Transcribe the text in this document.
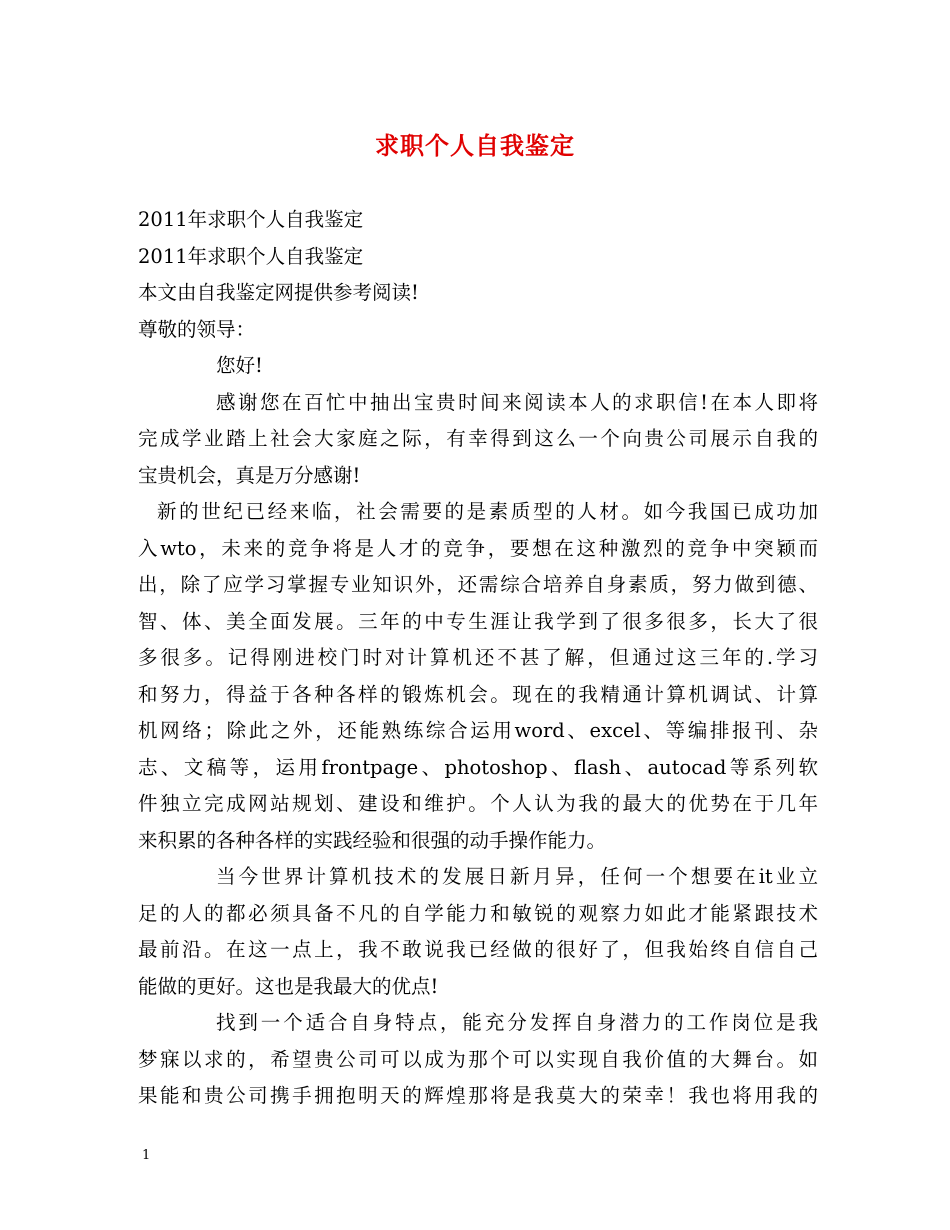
求职个人自我鉴定
2011年求职个人自我鉴定
2011年求职个人自我鉴定
本文由自我鉴定网提供参考阅读!
尊敬的领导：
您好!
感谢您在百忙中抽出宝贵时间来阅读本人的求职信!在本人即将
完成学业踏上社会大家庭之际，有幸得到这么一个向贵公司展示自我的
宝贵机会，真是万分感谢!
新的世纪已经来临，社会需要的是素质型的人材。如今我国已成功加
入wto，未来的竞争将是人才的竞争，要想在这种激烈的竞争中突颖而
出，除了应学习掌握专业知识外，还需综合培养自身素质，努力做到德、
智、体、美全面发展。三年的中专生涯让我学到了很多很多，长大了很
多很多。记得刚进校门时对计算机还不甚了解，但通过这三年的.学习
和努力，得益于各种各样的锻炼机会。现在的我精通计算机调试、计算
机网络；除此之外，还能熟练综合运用word、excel、等编排报刊、杂
志、文稿等，运用frontpage、photoshop、flash、autocad等系列软
件独立完成网站规划、建设和维护。个人认为我的最大的优势在于几年
来积累的各种各样的实践经验和很强的动手操作能力。
当今世界计算机技术的发展日新月异，任何一个想要在it业立
足的人的都必须具备不凡的自学能力和敏锐的观察力如此才能紧跟技术
最前沿。在这一点上，我不敢说我已经做的很好了，但我始终自信自己
能做的更好。这也是我最大的优点!
找到一个适合自身特点，能充分发挥自身潜力的工作岗位是我
梦寐以求的，希望贵公司可以成为那个可以实现自我价值的大舞台。如
果能和贵公司携手拥抱明天的辉煌那将是我莫大的荣幸！我也将用我的
1
